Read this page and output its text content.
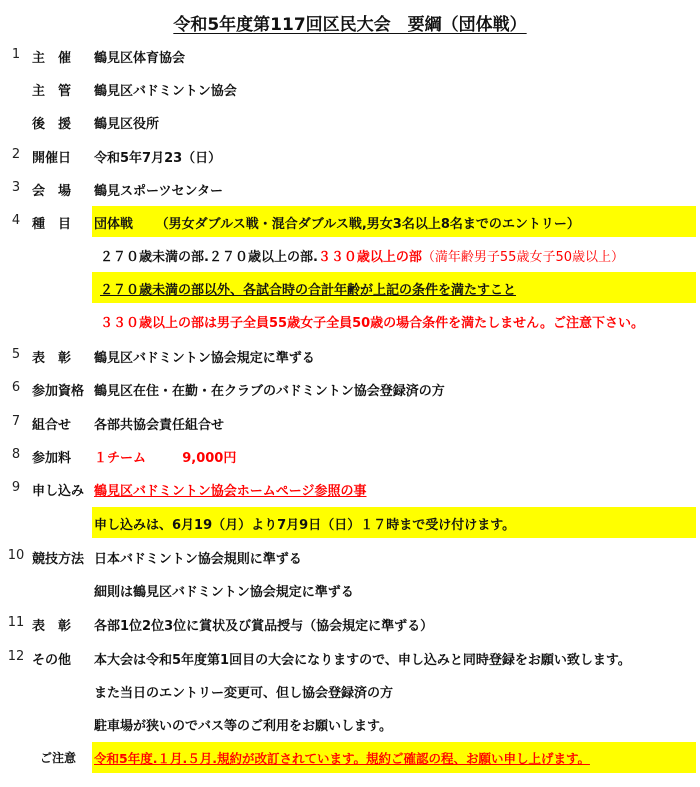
令和5年度第117回区民大会　要綱（団体戦）
1 主　催	鶴見区体育協会
主　管	鶴見区バドミントン協会
後　援	鶴見区役所
2 開催日	令和5年7月23（日）
3 会　場	鶴見スポーツセンター
4 種　目	団体戦 （男女ダブルス戦・混合ダブルス戦,男女3名以上8名までのエントリー）
２７０歳未満の部.２７０歳以上の部.３３０歳以上の部（満年齢男子55歳女子50歳以上）
２７０歳未満の部以外、各試合時の合計年齢が上記の条件を満たすこと
３３０歳以上の部は男子全員55歳女子全員50歳の場合条件を満たしません。ご注意下さい。
5 表　彰	鶴見区バドミントン協会規定に準ずる
6 参加資格 鶴見区在住・在勤・在クラブのバドミントン協会登録済の方
7 組合せ	各部共協会責任組合せ
8 参加料	１チーム	9,000円
9 申し込み 鶴見区バドミントン協会ホームページ参照の事
申し込みは、6月19（月）より7月9日（日）１７時まで受け付けます。
10 競技方法 日本バドミントン協会規則に準ずる
細則は鶴見区バドミントン協会規定に準ずる
11 表　彰	各部1位2位3位に賞状及び賞品授与（協会規定に準ずる）
12 その他	本大会は令和5年度第1回目の大会になりますので、申し込みと同時登録をお願い致します。
また当日のエントリー変更可、但し協会登録済の方
駐車場が狭いのでバス等のご利用をお願いします。
ご注意	令和5年度.１月.５月.規約が改訂されています。規約ご確認の程、お願い申し上げます。
